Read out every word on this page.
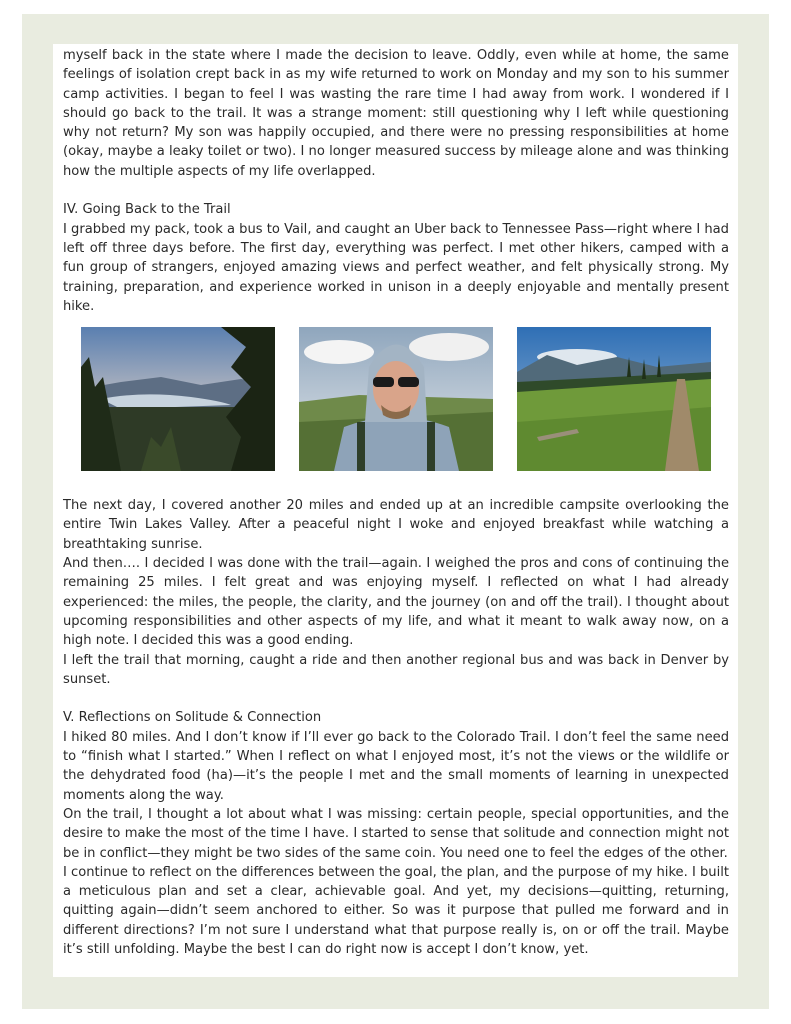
myself back in the state where I made the decision to leave. Oddly, even while at home, the same feelings of isolation crept back in as my wife returned to work on Monday and my son to his summer camp activities. I began to feel I was wasting the rare time I had away from work. I wondered if I should go back to the trail. It was a strange moment: still questioning why I left while questioning why not return? My son was happily occupied, and there were no pressing responsibilities at home (okay, maybe a leaky toilet or two). I no longer measured success by mileage alone and was thinking how the multiple aspects of my life overlapped.

IV. Going Back to the Trail

I grabbed my pack, took a bus to Vail, and caught an Uber back to Tennessee Pass—right where I had left off three days before. The first day, everything was perfect. I met other hikers, camped with a fun group of strangers, enjoyed amazing views and perfect weather, and felt physically strong. My training, preparation, and experience worked in unison in a deeply enjoyable and mentally present hike.

The next day, I covered another 20 miles and ended up at an incredible campsite overlooking the entire Twin Lakes Valley. After a peaceful night I woke and enjoyed breakfast while watching a breathtaking sunrise.

And then…. I decided I was done with the trail—again. I weighed the pros and cons of continuing the remaining 25 miles. I felt great and was enjoying myself. I reflected on what I had already experienced: the miles, the people, the clarity, and the journey (on and off the trail). I thought about upcoming responsibilities and other aspects of my life, and what it meant to walk away now, on a high note. I decided this was a good ending.

I left the trail that morning, caught a ride and then another regional bus and was back in Denver by sunset.

V. Reflections on Solitude & Connection

I hiked 80 miles. And I don’t know if I’ll ever go back to the Colorado Trail. I don’t feel the same need to “finish what I started.” When I reflect on what I enjoyed most, it’s not the views or the wildlife or the dehydrated food (ha)—it’s the people I met and the small moments of learning in unexpected moments along the way.

On the trail, I thought a lot about what I was missing: certain people, special opportunities, and the desire to make the most of the time I have. I started to sense that solitude and connection might not be in conflict—they might be two sides of the same coin. You need one to feel the edges of the other.

I continue to reflect on the differences between the goal, the plan, and the purpose of my hike. I built a meticulous plan and set a clear, achievable goal. And yet, my decisions—quitting, returning, quitting again—didn’t seem anchored to either. So was it purpose that pulled me forward and in different directions? I’m not sure I understand what that purpose really is, on or off the trail. Maybe it’s still unfolding. Maybe the best I can do right now is accept I don’t know, yet.
